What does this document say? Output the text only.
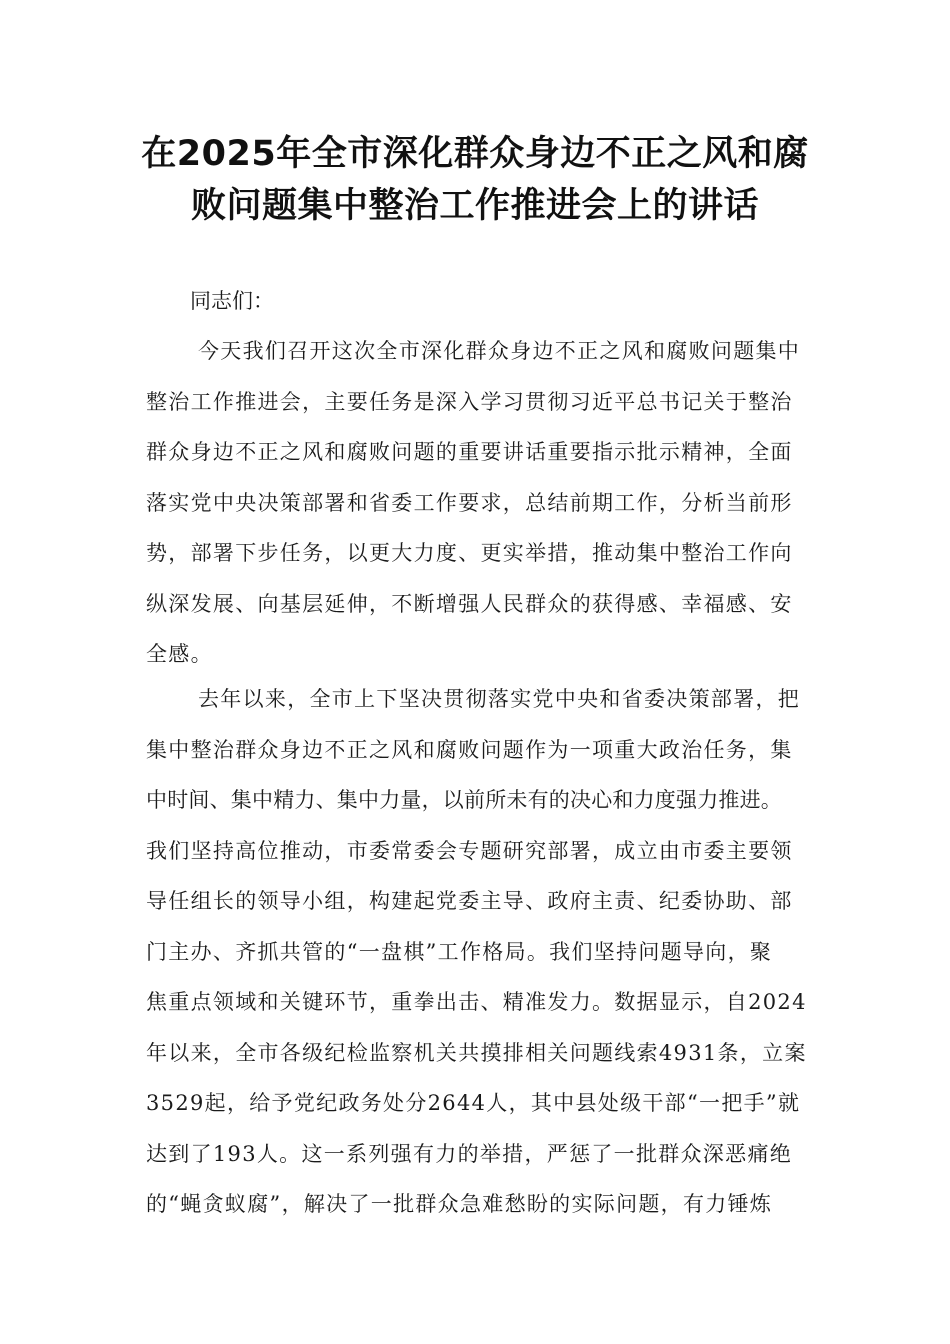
在2025年全市深化群众身边不正之风和腐
败问题集中整治工作推进会上的讲话

同志们：

今天我们召开这次全市深化群众身边不正之风和腐败问题集中
整治工作推进会，主要任务是深入学习贯彻习近平总书记关于整治
群众身边不正之风和腐败问题的重要讲话重要指示批示精神，全面
落实党中央决策部署和省委工作要求，总结前期工作，分析当前形
势，部署下步任务，以更大力度、更实举措，推动集中整治工作向
纵深发展、向基层延伸，不断增强人民群众的获得感、幸福感、安
全感。
去年以来，全市上下坚决贯彻落实党中央和省委决策部署，把
集中整治群众身边不正之风和腐败问题作为一项重大政治任务，集
中时间、集中精力、集中力量，以前所未有的决心和力度强力推进。
我们坚持高位推动，市委常委会专题研究部署，成立由市委主要领
导任组长的领导小组，构建起党委主导、政府主责、纪委协助、部
门主办、齐抓共管的“一盘棋”工作格局。我们坚持问题导向，聚
焦重点领域和关键环节，重拳出击、精准发力。数据显示，自2024
年以来，全市各级纪检监察机关共摸排相关问题线索4931条，立案
3529起，给予党纪政务处分2644人，其中县处级干部“一把手”就
达到了193人。这一系列强有力的举措，严惩了一批群众深恶痛绝
的“蝇贪蚁腐”，解决了一批群众急难愁盼的实际问题，有力锤炼
